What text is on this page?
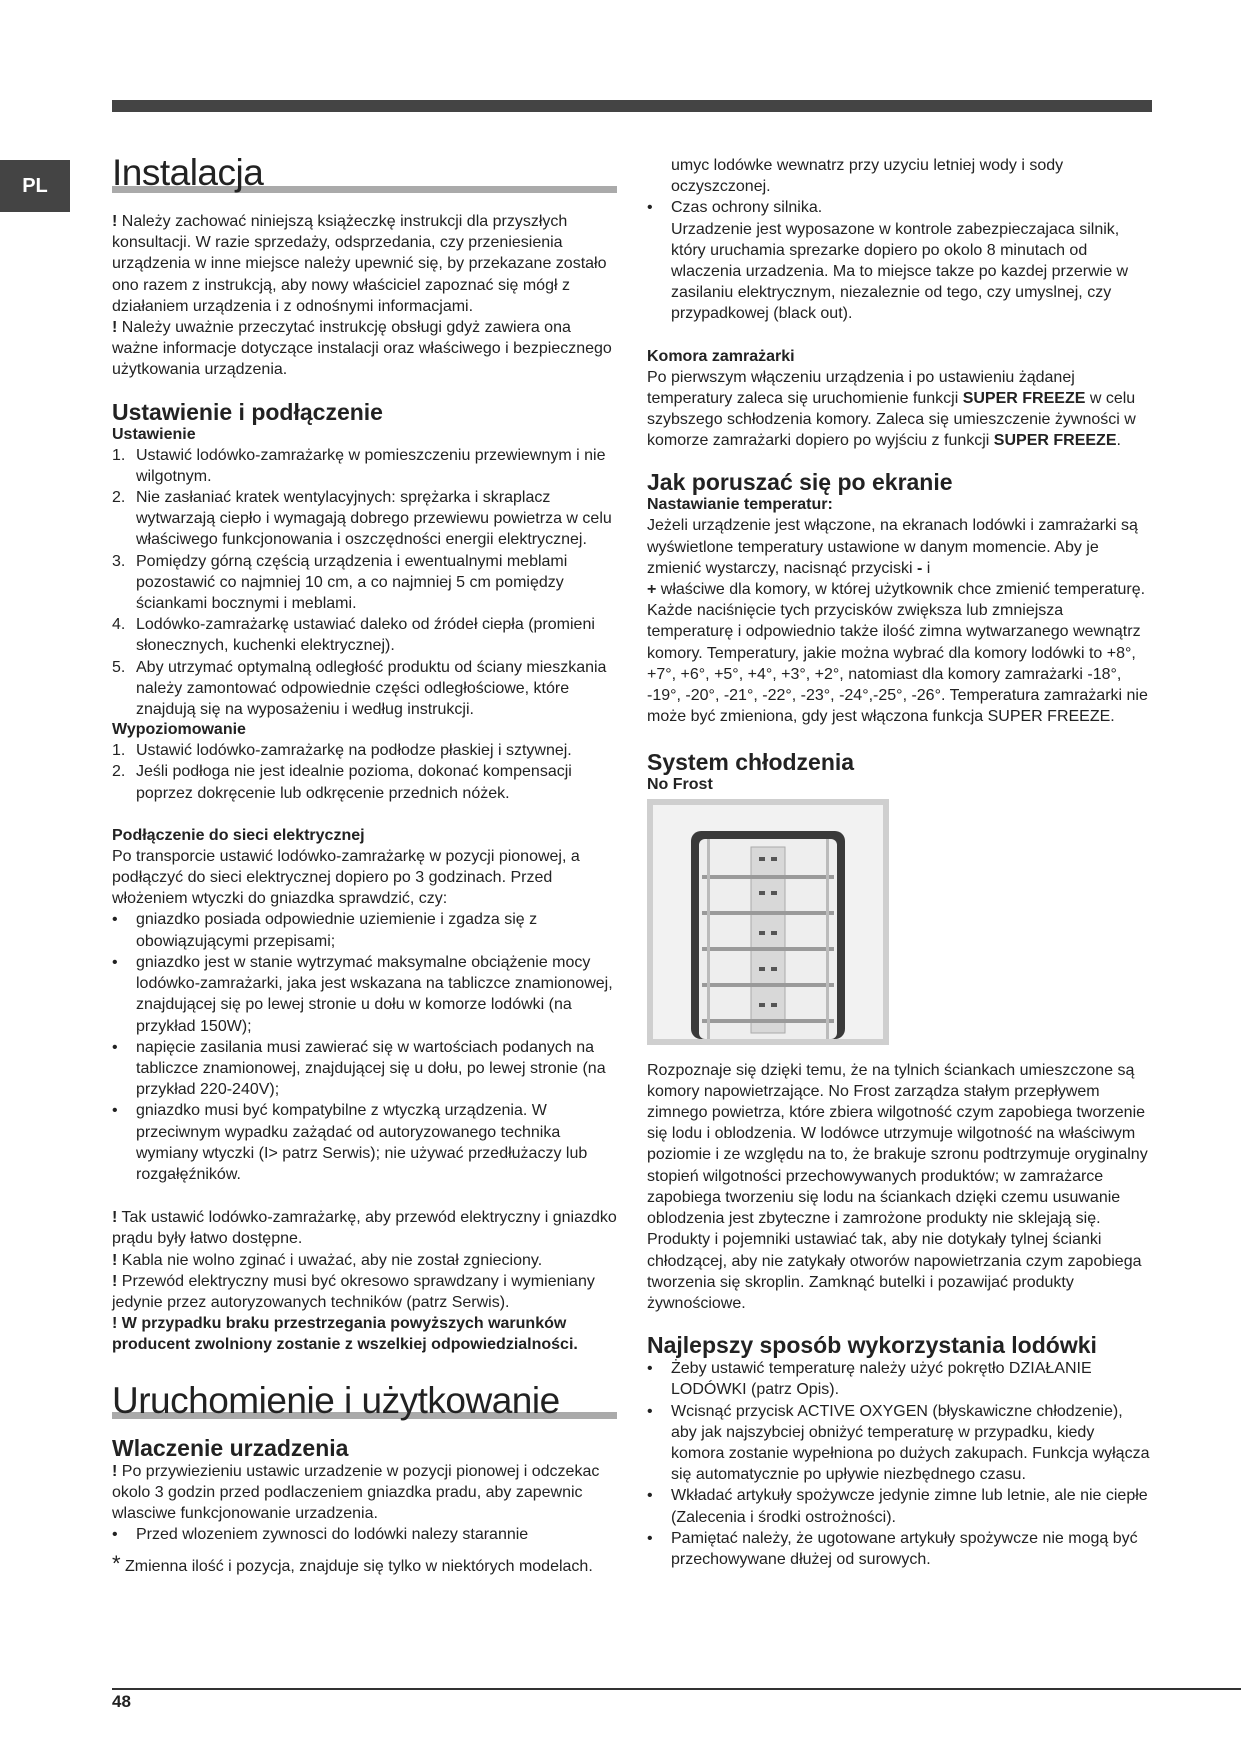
PL	Instalacja

! Należy zachować niniejszą książeczkę instrukcji dla przyszłych konsultacji. W razie sprzedaży, odsprzedania, czy przeniesienia urządzenia w inne miejsce należy upewnić się, by przekazane zostało ono razem z instrukcją, aby nowy właściciel zapoznać się mógł z działaniem urządzenia i z odnośnymi informacjami.

! Należy uważnie przeczytać instrukcję obsługi gdyż zawiera ona ważne informacje dotyczące instalacji oraz właściwego i bezpiecznego użytkowania urządzenia.

Ustawienie i podłączenie
Ustawienie
1. Ustawić lodówko-zamrażarkę w pomieszczeniu przewiewnym i nie wilgotnym.
2. Nie zasłaniać kratek wentylacyjnych: sprężarka i skraplacz wytwarzają ciepło i wymagają dobrego przewiewu powietrza w celu właściwego funkcjonowania i oszczędności energii elektrycznej.
3. Pomiędzy górną częścią urządzenia i ewentualnymi meblami pozostawić co najmniej 10 cm, a co najmniej 5 cm pomiędzy ściankami bocznymi i meblami.
4. Lodówko-zamrażarkę ustawiać daleko od źródeł ciepła (promieni słonecznych, kuchenki elektrycznej).
5. Aby utrzymać optymalną odległość produktu od ściany mieszkania należy zamontować odpowiednie części odległościowe, które znajdują się na wyposażeniu i według instrukcji.
Wypoziomowanie
1. Ustawić lodówko-zamrażarkę na podłodze płaskiej i sztywnej.
2. Jeśli podłoga nie jest idealnie pozioma, dokonać kompensacji poprzez dokręcenie lub odkręcenie przednich nóżek.
Podłączenie do sieci elektrycznej

Po transporcie ustawić lodówko-zamrażarkę w pozycji pionowej, a podłączyć do sieci elektrycznej dopiero po 3 godzinach. Przed włożeniem wtyczki do gniazdka sprawdzić, czy:

• gniazdko posiada odpowiednie uziemienie i zgadza się z obowiązującymi przepisami;
• gniazdko jest w stanie wytrzymać maksymalne obciążenie mocy lodówko-zamrażarki, jaka jest wskazana na tabliczce znamionowej, znajdującej się po lewej stronie u dołu w komorze lodówki (na przykład 150W);
• napięcie zasilania musi zawierać się w wartościach podanych na tabliczce znamionowej, znajdującej się u dołu, po lewej stronie (na przykład 220-240V);
• gniazdko musi być kompatybilne z wtyczką urządzenia. W przeciwnym wypadku zażądać od autoryzowanego technika wymiany wtyczki (I> patrz Serwis); nie używać przedłużaczy lub rozgałęźników.

! Tak ustawić lodówko-zamrażarkę, aby przewód elektryczny i gniazdko prądu były łatwo dostępne.

! Kabla nie wolno zginać i uważać, aby nie został zgnieciony.

! Przewód elektryczny musi być okresowo sprawdzany i wymieniany jedynie przez autoryzowanych techników (patrz Serwis).

! W przypadku braku przestrzegania powyższych warunków producent zwolniony zostanie z wszelkiej odpowiedzialności.

Uruchomienie i użytkowanie
Wlaczenie urzadzenia

! Po przywiezieniu ustawic urzadzenie w pozycji pionowej i odczekac okolo 3 godzin przed podlaczeniem gniazdka pradu, aby zapewnic wlasciwe funkcjonowanie urzadzenia.

• Przed wlozeniem zywnosci do lodówki nalezy starannie

* Zmienna ilość i pozycja, znajduje się tylko w niektórych modelach.

umyc lodówke wewnatrz przy uzyciu letniej wody i sody oczyszczonej.
• Czas ochrony silnika.
Urzadzenie jest wyposazone w kontrole zabezpieczajaca silnik, który uruchamia sprezarke dopiero po okolo 8 minutach od wlaczenia urzadzenia. Ma to miejsce takze po kazdej przerwie w zasilaniu elektrycznym, niezaleznie od tego, czy umyslnej, czy przypadkowej (black out).
Komora zamrażarki

Po pierwszym włączeniu urządzenia i po ustawieniu żądanej temperatury zaleca się uruchomienie funkcji SUPER FREEZE w celu szybszego schłodzenia komory. Zaleca się umieszczenie żywności w komorze zamrażarki dopiero po wyjściu z funkcji SUPER FREEZE.

Jak poruszać się po ekranie
Nastawianie temperatur:

Jeżeli urządzenie jest włączone, na ekranach lodówki i zamrażarki są wyświetlone temperatury ustawione w danym momencie. Aby je zmienić wystarczy, nacisnąć przyciski - i
+ właściwe dla komory, w której użytkownik chce zmienić temperaturę. Każde naciśnięcie tych przycisków zwiększa lub zmniejsza temperaturę i odpowiednio także ilość zimna wytwarzanego wewnątrz komory. Temperatury, jakie można wybrać dla komory lodówki to +8°, +7°, +6°, +5°, +4°, +3°, +2°, natomiast dla komory zamrażarki -18°, -19°, -20°, -21°, -22°, -23°, -24°,-25°, -26°. Temperatura zamrażarki nie może być zmieniona, gdy jest włączona funkcja SUPER FREEZE.

System chłodzenia
No Frost

Rozpoznaje się dzięki temu, że na tylnich ściankach umieszczone są komory napowietrzające. No Frost zarządza stałym przepływem zimnego powietrza, które zbiera wilgotność czym zapobiega tworzenie się lodu i oblodzenia. W lodówce utrzymuje wilgotność na właściwym poziomie i ze względu na to, że brakuje szronu podtrzymuje oryginalny stopień wilgotności przechowywanych produktów; w zamrażarce zapobiega tworzeniu się lodu na ściankach dzięki czemu usuwanie oblodzenia jest zbyteczne i zamrożone produkty nie sklejają się. Produkty i pojemniki ustawiać tak, aby nie dotykały tylnej ścianki chłodzącej, aby nie zatykały otworów napowietrzania czym zapobiega tworzenia się skroplin. Zamknąć butelki i pozawijać produkty żywnościowe.

Najlepszy sposób wykorzystania lodówki
• Żeby ustawić temperaturę należy użyć pokrętło DZIAŁANIE LODÓWKI (patrz Opis).
• Wcisnąć przycisk ACTIVE OXYGEN (błyskawiczne chłodzenie), aby jak najszybciej obniżyć temperaturę w przypadku, kiedy komora zostanie wypełniona po dużych zakupach. Funkcja wyłącza się automatycznie po upływie niezbędnego czasu.
• Wkładać artykuły spożywcze jedynie zimne lub letnie, ale nie ciepłe (Zalecenia i środki ostrożności).
• Pamiętać należy, że ugotowane artykuły spożywcze nie mogą być przechowywane dłużej od surowych.
48
